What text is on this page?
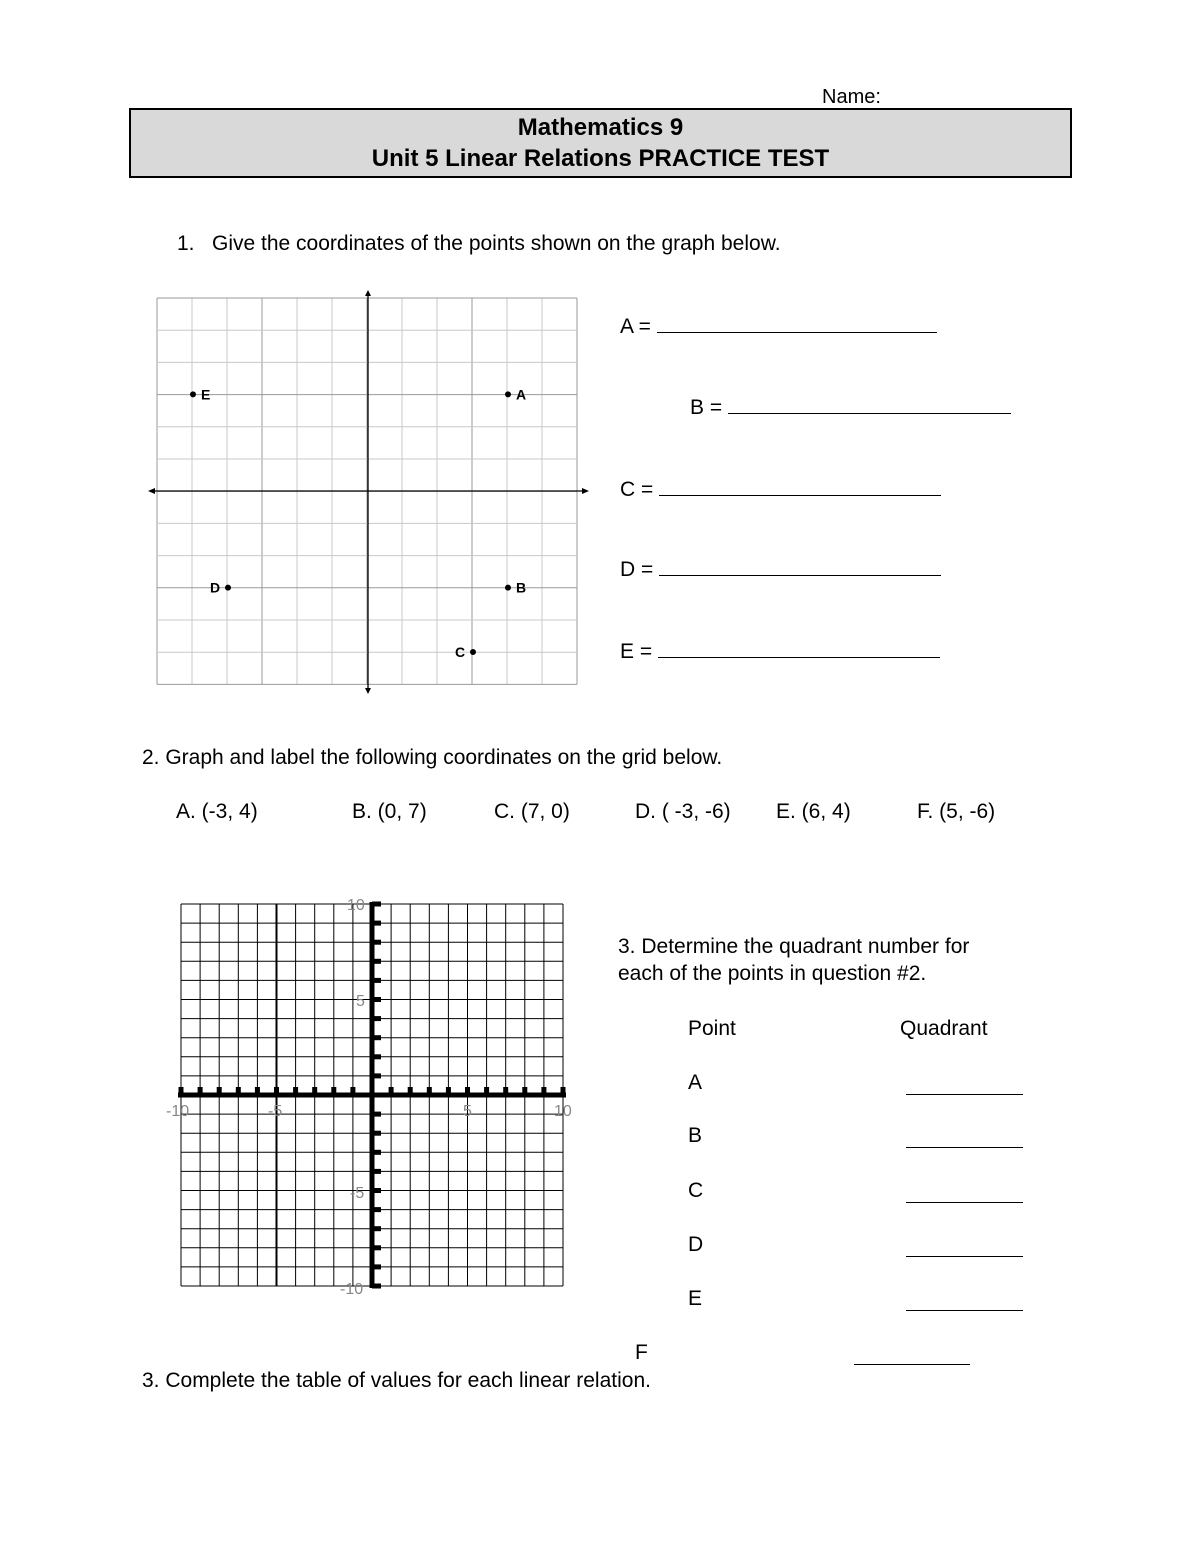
Name:
Mathematics 9
Unit 5 Linear Relations PRACTICE TEST
1. Give the coordinates of the points shown on the graph below.
A
B
C
D
E
A =
B =
C =
D =
E =
2. Graph and label the following coordinates on the grid below.
A. (-3, 4)	B. (0, 7)	C. (7, 0)	D. ( -3, -6) E. (6, 4)	F. (5, -6)
-10	-5	5	10
10
5
-5
-10
3. Determine the quadrant number for
each of the points in question #2.
Point	Quadrant
A
B
C
D
E
F
3. Complete the table of values for each linear relation.
